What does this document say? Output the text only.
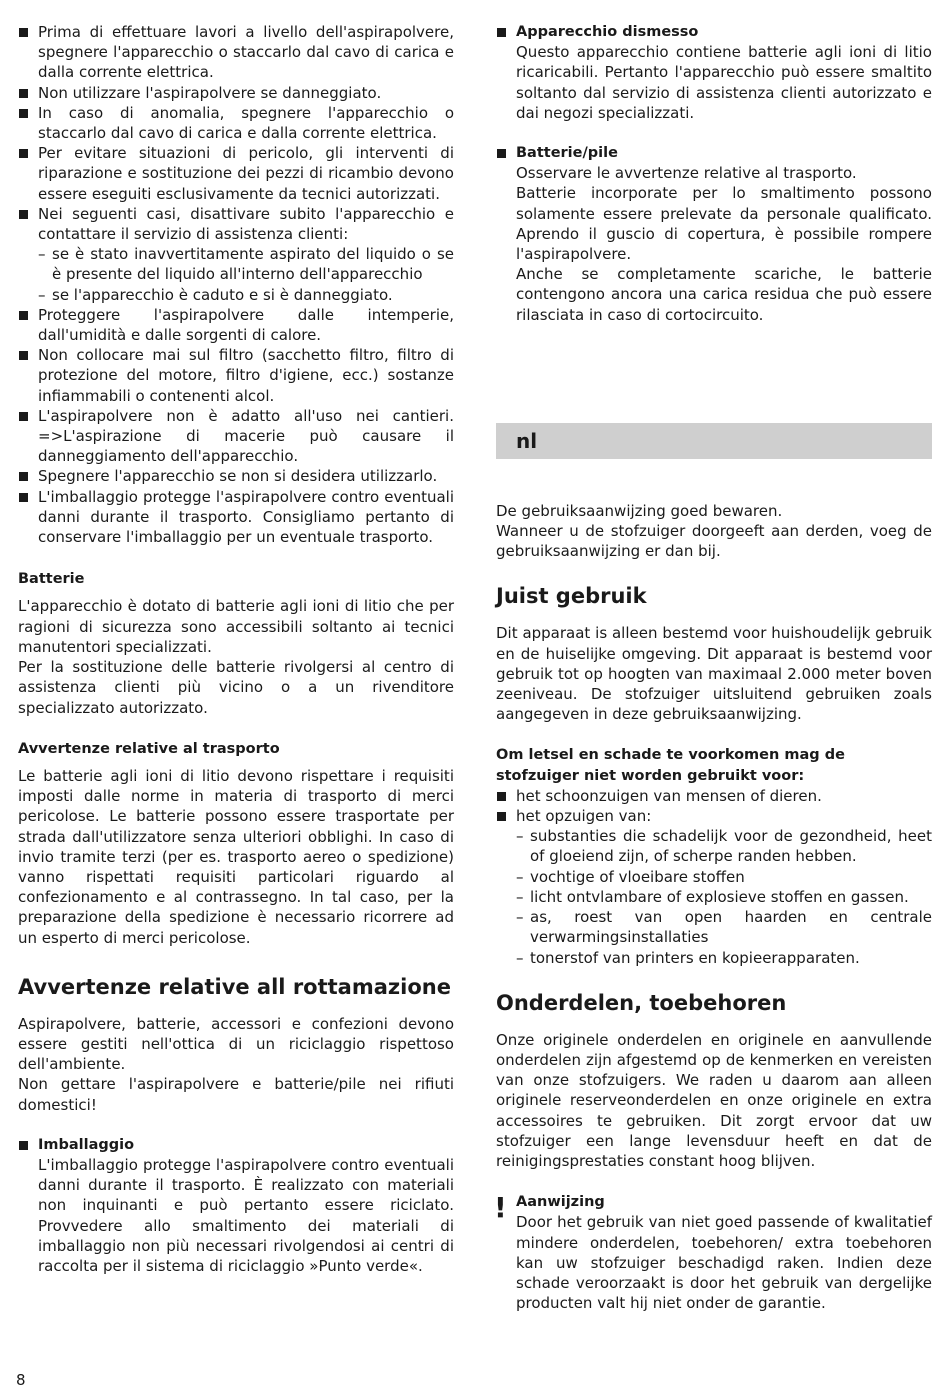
Prima di effettuare lavori a livello dell'aspirapolvere, spegnere l'apparecchio o staccarlo dal cavo di carica e dalla corrente elettrica.
Non utilizzare l'aspirapolvere se danneggiato.
In caso di anomalia, spegnere l'apparecchio o staccarlo dal cavo di carica e dalla corrente elettrica.
Per evitare situazioni di pericolo, gli interventi di riparazione e sostituzione dei pezzi di ricambio devono essere eseguiti esclusivamente da tecnici autorizzati.
Nei seguenti casi, disattivare subito l'apparecchio e contattare il servizio di assistenza clienti:
– se è stato inavvertitamente aspirato del liquido o se è presente del liquido all'interno dell'apparecchio
– se l'apparecchio è caduto e si è danneggiato.
Proteggere l'aspirapolvere dalle intemperie, dall'umidità e dalle sorgenti di calore.
Non collocare mai sul filtro (sacchetto filtro, filtro di protezione del motore, filtro d'igiene, ecc.) sostanze infiammabili o contenenti alcol.
L'aspirapolvere non è adatto all'uso nei cantieri. =>L'aspirazione di macerie può causare il danneggiamento dell'apparecchio.
Spegnere l'apparecchio se non si desidera utilizzarlo.
L'imballaggio protegge l'aspirapolvere contro eventuali danni durante il trasporto. Consigliamo pertanto di conservare l'imballaggio per un eventuale trasporto.
Batterie

L'apparecchio è dotato di batterie agli ioni di litio che per ragioni di sicurezza sono accessibili soltanto ai tecnici manutentori specializzati.

Per la sostituzione delle batterie rivolgersi al centro di assistenza clienti più vicino o a un rivenditore specializzato autorizzato.

Avvertenze relative al trasporto

Le batterie agli ioni di litio devono rispettare i requisiti imposti dalle norme in materia di trasporto di merci pericolose. Le batterie possono essere trasportate per strada dall'utilizzatore senza ulteriori obblighi. In caso di invio tramite terzi (per es. trasporto aereo o spedizione) vanno rispettati requisiti particolari riguardo al confezionamento e al contrassegno. In tal caso, per la preparazione della spedizione è necessario ricorrere ad un esperto di merci pericolose.

Avvertenze relative all rottamazione

Aspirapolvere, batterie, accessori e confezioni devono essere gestiti nell'ottica di un riciclaggio rispettoso dell'ambiente.

Non gettare l'aspirapolvere e batterie/pile nei rifiuti domestici!

Imballaggio
L'imballaggio protegge l'aspirapolvere contro eventuali danni durante il trasporto. È realizzato con materiali non inquinanti e può pertanto essere riciclato. Provvedere allo smaltimento dei materiali di imballaggio non più necessari rivolgendosi ai centri di raccolta per il sistema di riciclaggio »Punto verde«.
Apparecchio dismesso
Questo apparecchio contiene batterie agli ioni di litio ricaricabili. Pertanto l'apparecchio può essere smaltito soltanto dal servizio di assistenza clienti autorizzato e dai negozi specializzati.
Batterie/pile
Osservare le avvertenze relative al trasporto.
Batterie incorporate per lo smaltimento possono solamente essere prelevate da personale qualificato. Aprendo il guscio di copertura, è possibile rompere l'aspirapolvere.
Anche se completamente scariche, le batterie contengono ancora una carica residua che può essere rilasciata in caso di cortocircuito.
nl

De gebruiksaanwijzing goed bewaren.

Wanneer u de stofzuiger doorgeeft aan derden, voeg de gebruiksaanwijzing er dan bij.

Juist gebruik

Dit apparaat is alleen bestemd voor huishoudelijk gebruik en de huiselijke omgeving. Dit apparaat is bestemd voor gebruik tot op hoogten van maximaal 2.000 meter boven zeeniveau. De stofzuiger uitsluitend gebruiken zoals aangegeven in deze gebruiksaanwijzing.

Om letsel en schade te voorkomen mag de stofzuiger niet worden gebruikt voor:
het schoonzuigen van mensen of dieren.
het opzuigen van:
– substanties die schadelijk voor de gezondheid, heet of gloeiend zijn, of scherpe randen hebben.
– vochtige of vloeibare stoffen
– licht ontvlambare of explosieve stoffen en gassen.
– as, roest van open haarden en centrale verwarmingsinstallaties
– tonerstof van printers en kopieerapparaten.
Onderdelen, toebehoren

Onze originele onderdelen en originele en aanvullende onderdelen zijn afgestemd op de kenmerken en vereisten van onze stofzuigers. We raden u daarom aan alleen originele reserveonderdelen en onze originele en extra accessoires te gebruiken. Dit zorgt ervoor dat uw stofzuiger een lange levensduur heeft en dat de reinigingsprestaties constant hoog blijven.

! Aanwijzing

Door het gebruik van niet goed passende of kwalitatief mindere onderdelen, toebehoren/ extra toebehoren kan uw stofzuiger beschadigd raken. Indien deze schade veroorzaakt is door het gebruik van dergelijke producten valt hij niet onder de garantie.

8
